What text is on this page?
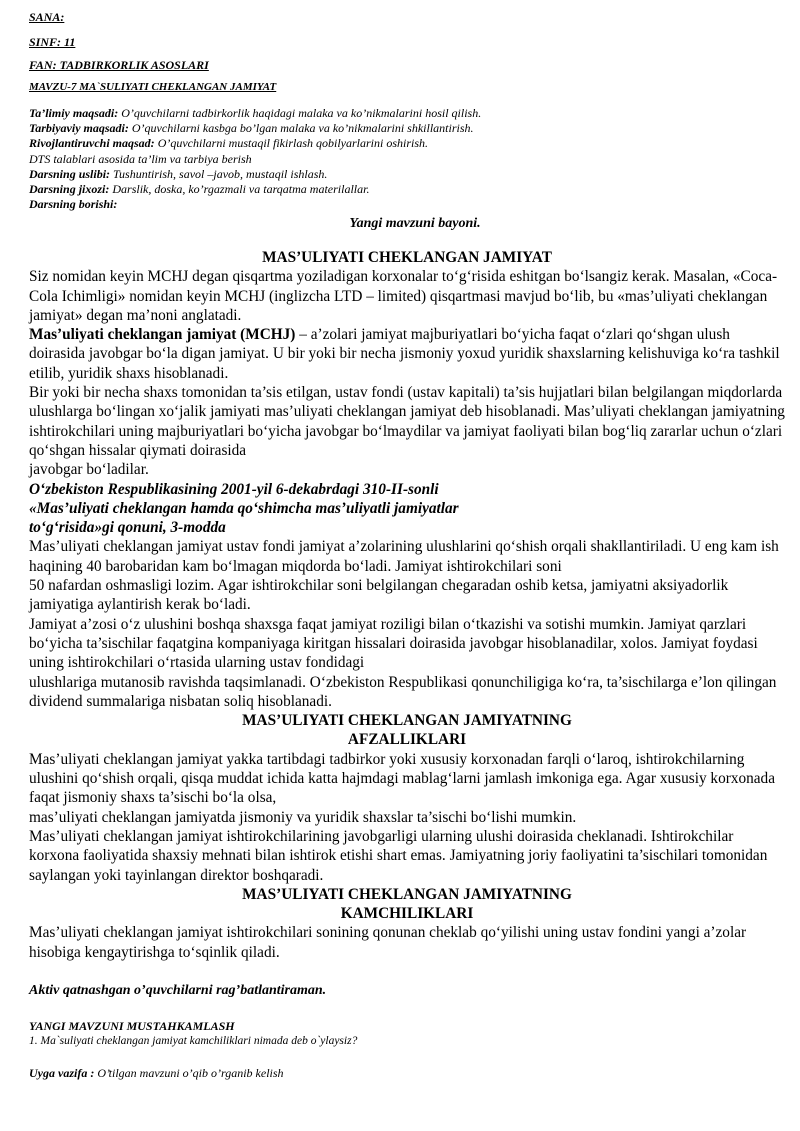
SANA:
SINF: 11
FAN: TADBIRKORLIK ASOSLARI
MAVZU-7 MA`SULIYATI CHEKLANGAN JAMIYAT
Ta’limiy maqsadi: O’quvchilarni tadbirkorlik haqidagi malaka va ko’nikmalarini hosil qilish.
Tarbiyaviy maqsadi: O’quvchilarni kasbga bo’lgan malaka va ko’nikmalarini shkillantirish.
Rivojlantiruvchi maqsad: O’quvchilarni mustaqil fikirlash qobilyarlarini oshirish.
DTS talablari asosida ta’lim va tarbiya berish
Darsning uslibi: Tushuntirish, savol –javob, mustaqil ishlash.
Darsning jixozi: Darslik, doska, ko’rgazmali va tarqatma materilallar.
Darsning borishi:
Yangi mavzuni bayoni.

MAS’ULIYATI CHEKLANGAN JAMIYAT

Siz nomidan keyin MCHJ degan qisqartma yoziladigan korxonalar to‘g‘risida eshitgan bo‘lsangiz kerak. Masalan, «Coca-Cola Ichimligi» nomidan keyin MCHJ (inglizcha LTD – limited) qisqartmasi mavjud bo‘lib, bu «mas’uliyati cheklangan jamiyat» degan ma’noni anglatadi.

Mas’uliyati cheklangan jamiyat (MCHJ) – a’zolari jamiyat majburiyatlari bo‘yicha faqat o‘zlari qo‘shgan ulush doirasida javobgar bo‘la digan jamiyat. U bir yoki bir necha jismoniy yoxud yuridik shaxslarning kelishuviga ko‘ra tashkil etilib, yuridik shaxs hisoblanadi.

Bir yoki bir necha shaxs tomonidan ta’sis etilgan, ustav fondi (ustav kapitali) ta’sis hujjatlari bilan belgilangan miqdorlarda ulushlarga bo‘lingan xo‘jalik jamiyati mas’uliyati cheklangan jamiyat deb hisoblanadi. Mas’uliyati cheklangan jamiyatning ishtirokchilari uning majburiyatlari bo‘yicha javobgar bo‘lmaydilar va jamiyat faoliyati bilan bog‘liq zararlar uchun o‘zlari qo‘shgan hissalar qiymati doirasida

javobgar bo‘ladilar.

O‘zbekiston Respublikasining 2001-yil 6-dekabrdagi 310-II-sonli

«Mas’uliyati cheklangan hamda qo‘shimcha mas’uliyatli jamiyatlar

to‘g‘risida»gi qonuni, 3-modda

Mas’uliyati cheklangan jamiyat ustav fondi jamiyat a’zolarining ulushlarini qo‘shish orqali shakllantiriladi. U eng kam ish haqining 40 barobaridan kam bo‘lmagan miqdorda bo‘ladi. Jamiyat ishtirokchilari soni

50 nafardan oshmasligi lozim. Agar ishtirokchilar soni belgilangan chegaradan oshib ketsa, jamiyatni aksiyadorlik jamiyatiga aylantirish kerak bo‘ladi.

Jamiyat a’zosi o‘z ulushini boshqa shaxsga faqat jamiyat roziligi bilan o‘tkazishi va sotishi mumkin. Jamiyat qarzlari bo‘yicha ta’sischilar faqatgina kompaniyaga kiritgan hissalari doirasida javobgar hisoblanadilar, xolos. Jamiyat foydasi uning ishtirokchilari o‘rtasida ularning ustav fondidagi

ulushlariga mutanosib ravishda taqsimlanadi. O‘zbekiston Respublikasi qonunchiligiga ko‘ra, ta’sischilarga e’lon qilingan dividend summalariga nisbatan soliq hisoblanadi.

MAS’ULIYATI CHEKLANGAN JAMIYATNING

AFZALLIKLARI

Mas’uliyati cheklangan jamiyat yakka tartibdagi tadbirkor yoki xususiy korxonadan farqli o‘laroq, ishtirokchilarning ulushini qo‘shish orqali, qisqa muddat ichida katta hajmdagi mablag‘larni jamlash imkoniga ega. Agar xususiy korxonada faqat jismoniy shaxs ta’sischi bo‘la olsa,

mas’uliyati cheklangan jamiyatda jismoniy va yuridik shaxslar ta’sischi bo‘lishi mumkin.

Mas’uliyati cheklangan jamiyat ishtirokchilarining javobgarligi ularning ulushi doirasida cheklanadi. Ishtirokchilar korxona faoliyatida shaxsiy mehnati bilan ishtirok etishi shart emas. Jamiyatning joriy faoliyatini ta’sischilari tomonidan saylangan yoki tayinlangan direktor boshqaradi.

MAS’ULIYATI CHEKLANGAN JAMIYATNING

KAMCHILIKLARI

Mas’uliyati cheklangan jamiyat ishtirokchilari sonining qonunan cheklab qo‘yilishi uning ustav fondini yangi a’zolar hisobiga kengaytirishga to‘sqinlik qiladi.

Aktiv qatnashgan o’quvchilarni rag’batlantiraman.
YANGI MAVZUNI MUSTAHKAMLASH
1. Ma`suliyati cheklangan jamiyat kamchiliklari nimada deb o`ylaysiz?
Uyga vazifa : O’tilgan mavzuni o’qib o’rganib kelish
